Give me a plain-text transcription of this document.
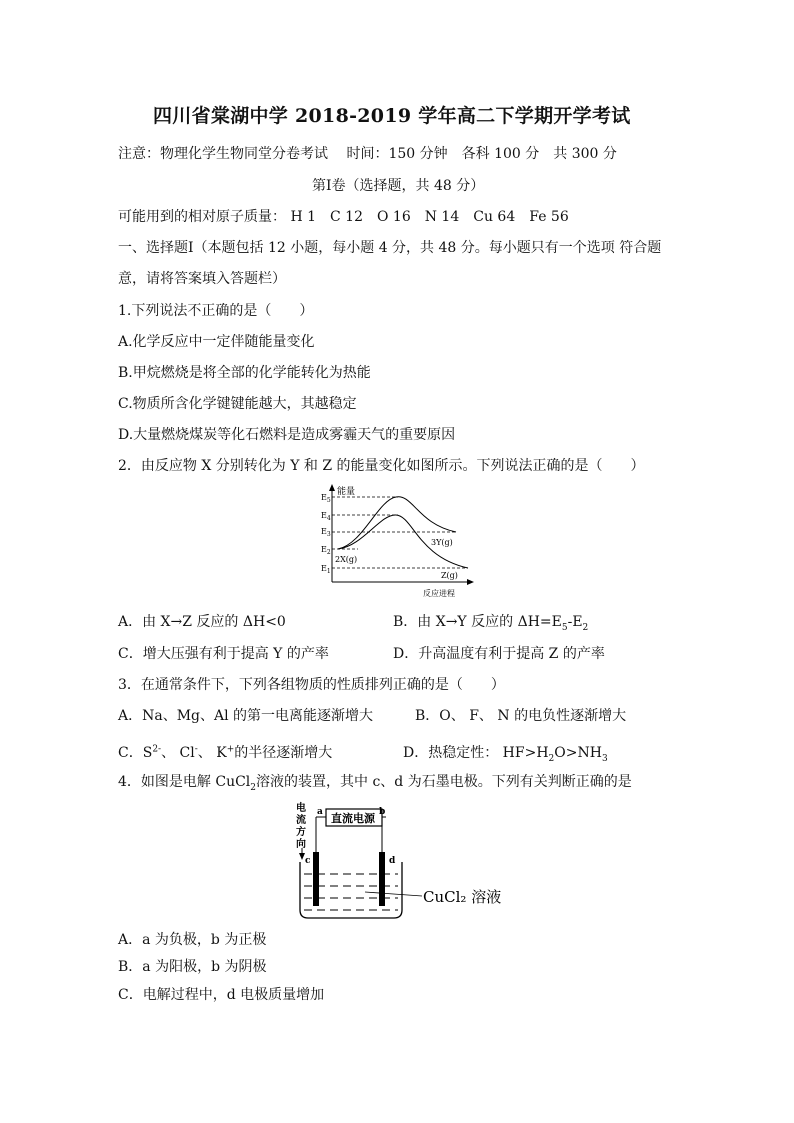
四川省棠湖中学 2018-2019 学年高二下学期开学考试
注意：物理化学生物同堂分卷考试　 时间：150 分钟　各科 100 分　共 300 分
第Ⅰ卷（选择题，共 48 分）
可能用到的相对原子质量： H 1　C 12　O 16　N 14　Cu 64　Fe 56
一、选择题Ⅰ（本题包括 12 小题，每小题 4 分，共 48 分。每小题只有一个选项 符合题
意，请将答案填入答题栏）
1.下列说法不正确的是（　　）
A.化学反应中一定伴随能量变化
B.甲烷燃烧是将全部的化学能转化为热能
C.物质所含化学键键能越大，其越稳定
D.大量燃烧煤炭等化石燃料是造成雾霾天气的重要原因
2．由反应物 X 分别转化为 Y 和 Z 的能量变化如图所示。下列说法正确的是（　　）
能量
$E_5$
$E_4$
$E_3$
$E_2$
$E_1$
2X(g)
3Y(g)
Z(g)
反应进程
A．由 X→Z 反应的 ΔH<0	B．由 X→Y 反应的 $\Delta H=E_5-E_2$
C．增大压强有利于提高 Y 的产率	D．升高温度有利于提高 Z 的产率
3．在通常条件下，下列各组物质的性质排列正确的是（　　）
A．Na、Mg、Al 的第一电离能逐渐增大	B．O、 F、 N 的电负性逐渐增大
C．$S^{2-}$、 Cl-、 K+的半径逐渐增大	D．热稳定性： $HF>H_2O>NH_3$
4．如图是电解 CuCl$_2$溶液的装置，其中 c、d 为石墨电极。下列有关判断正确的是
电
流
方
向
直流电源
a	b
c	d
CuCl₂ 溶液
A．a 为负极，b 为正极
B．a 为阳极，b 为阴极
C．电解过程中，d 电极质量增加
